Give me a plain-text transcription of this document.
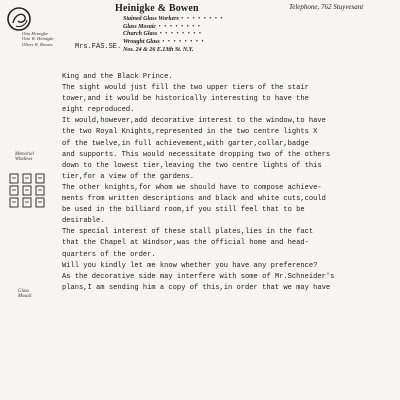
Otto Heinigke
Otto W. Heinigke
Oliver R. Bowen
Heinigke & Bowen
Stained Glass Workers • • •
Glass Mosaic • • •
Church Glass • • •
Wrought Glass • • •
Nos. 24 & 26 E.13th St. N.Y.
Telephone, 762 Stuyvesant
Mrs.FAS.SE.
Memorial
Windows
Glass
Mosaic
King and the Black Prince.
The sight would just fill the two upper tiers of the stair
tower,and it would be historically interesting to have the
eight reproduced.
It would,however,add decorative interest to the window,to have
the two Royal Knights,represented in the two centre lights X
of the twelve,in full achievement,with garter,collar,badge
and supports. This would necessitate dropping two of the others
down to the lowest tier,leaving the two centre lights of this
tier,for a view of the gardens.
The other knights,for whom we should have to compose achieve-
ments from written descriptions and black and white cuts,could
be used in the billiard room,if you still feel that to be
desirable.
The special interest of these stall plates,lies in the fact
that the Chapel at Windsor,was the official home and head-
quarters of the order.
Will you kindly let me know whether you have any preference?
As the decorative side may interfere with some of Mr.Schneider's
plans,I am sending him a copy of this,in order that we may have
